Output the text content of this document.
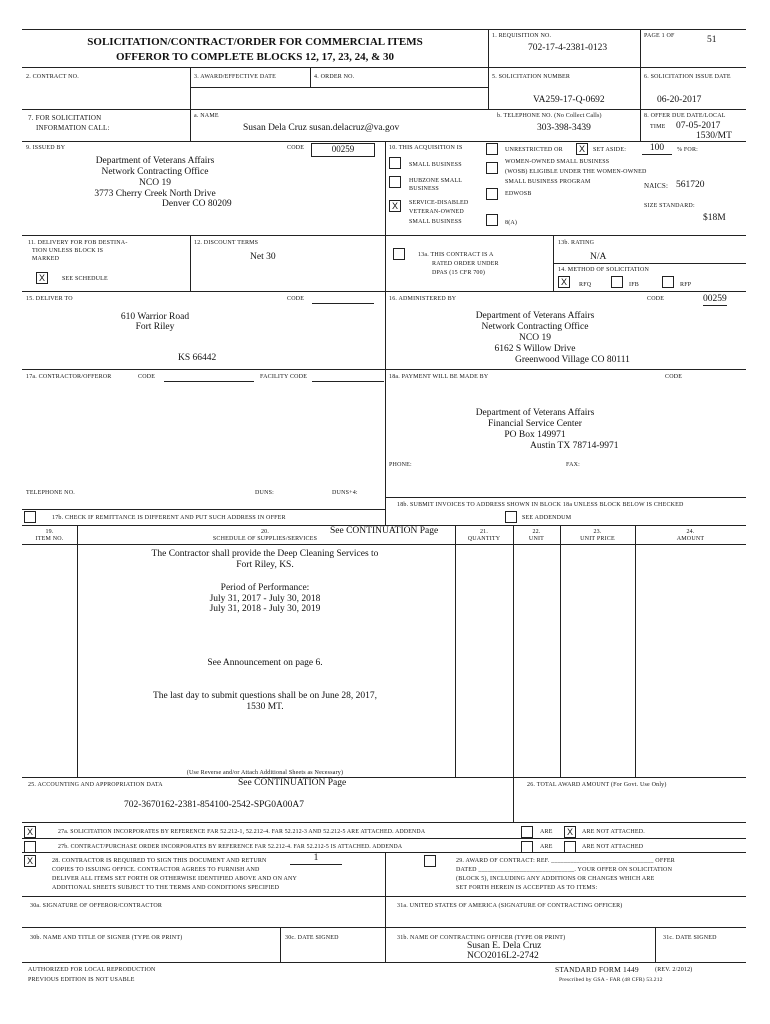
SOLICITATION/CONTRACT/ORDER FOR COMMERCIAL ITEMS
OFFEROR TO COMPLETE BLOCKS 12, 17, 23, 24, & 30
1. REQUISITION NO.
702-17-4-2381-0123
PAGE 1 OF	51
2. CONTRACT NO.	3. AWARD/EFFECTIVE DATE	4. ORDER NO.	5. SOLICITATION NUMBER
VA259-17-Q-0692
6. SOLICITATION ISSUE DATE
06-20-2017
7. FOR SOLICITATION
INFORMATION CALL:
a. NAME
Susan Dela Cruz susan.delacruz@va.gov
b. TELEPHONE NO. (No Collect Calls)
303-398-3439
8. OFFER DUE DATE/LOCAL
TIME 07-05-2017
1530/MT
9. ISSUED BY	CODE	00259
Department of Veterans Affairs
Network Contracting Office
NCO 19
3773 Cherry Creek North Drive
Denver CO 80209
10. THIS ACQUISITION IS	UNRESTRICTED OR	X	SET ASIDE:	100	% FOR:
SMALL BUSINESS
HUBZONE SMALL
BUSINESS
X	SERVICE-DISABLED
VETERAN-OWNED
SMALL BUSINESS
WOMEN-OWNED SMALL BUSINESS
(WOSB) ELIGIBLE UNDER THE WOMEN-OWNED
SMALL BUSINESS PROGRAM
EDWOSB
8(A)
NAICS: 561720
SIZE STANDARD:
$18M
11. DELIVERY FOR FOB DESTINA-
TION UNLESS BLOCK IS
MARKED
X	SEE SCHEDULE
12. DISCOUNT TERMS
Net 30	13a. THIS CONTRACT IS A
RATED ORDER UNDER
DPAS (15 CFR 700)
13b. RATING
N/A
14. METHOD OF SOLICITATION
X	RFQ	IFB	RFP
15. DELIVER TO	CODE
610 Warrior Road
Fort Riley
KS 66442
16. ADMINISTERED BY	CODE	00259
Department of Veterans Affairs
Network Contracting Office
NCO 19
6162 S Willow Drive
Greenwood Village CO 80111
17a. CONTRACTOR/OFFEROR	CODE	FACILITY CODE
TELEPHONE NO.	DUNS:	DUNS+4:
17b. CHECK IF REMITTANCE IS DIFFERENT AND PUT SUCH ADDRESS IN OFFER
18a. PAYMENT WILL BE MADE BY	CODE
Department of Veterans Affairs
Financial Service Center
PO Box 149971
Austin TX 78714-9971
PHONE:	FAX:
18b. SUBMIT INVOICES TO ADDRESS SHOWN IN BLOCK 18a UNLESS BLOCK BELOW IS CHECKED
SEE ADDENDUM
19.
ITEM NO.
20.
SCHEDULE OF SUPPLIES/SERVICES
See CONTINUATION Page	21.
QUANTITY
22.
UNIT
23.
UNIT PRICE
24.
AMOUNT
The Contractor shall provide the Deep Cleaning Services to
Fort Riley, KS.
Period of Performance:
July 31, 2017 - July 30, 2018
July 31, 2018 - July 30, 2019
See Announcement on page 6.
The last day to submit questions shall be on June 28, 2017,
1530 MT.
(Use Reverse and/or Attach Additional Sheets as Necessary)
25. ACCOUNTING AND APPROPRIATION DATA	See CONTINUATION Page
702-3670162-2381-854100-2542-SPG0A00A7
26. TOTAL AWARD AMOUNT (For Govt. Use Only)
X	27a. SOLICITATION INCORPORATES BY REFERENCE FAR 52.212-1, 52.212-4. FAR 52.212-3 AND 52.212-5 ARE ATTACHED. ADDENDA	ARE	X	ARE NOT ATTACHED.
27b. CONTRACT/PURCHASE ORDER INCORPORATES BY REFERENCE FAR 52.212-4. FAR 52.212-5 IS ATTACHED. ADDENDA	ARE	ARE NOT ATTACHED
X	28. CONTRACTOR IS REQUIRED TO SIGN THIS DOCUMENT AND RETURN	1
COPIES TO ISSUING OFFICE. CONTRACTOR AGREES TO FURNISH AND
DELIVER ALL ITEMS SET FORTH OR OTHERWISE IDENTIFIED ABOVE AND ON ANY
ADDITIONAL SHEETS SUBJECT TO THE TERMS AND CONDITIONS SPECIFIED
29. AWARD OF CONTRACT: REF. ________________________________ OFFER
DATED ______________________________. YOUR OFFER ON SOLICITATION
(BLOCK 5), INCLUDING ANY ADDITIONS OR CHANGES WHICH ARE
SET FORTH HEREIN IS ACCEPTED AS TO ITEMS:
30a. SIGNATURE OF OFFEROR/CONTRACTOR	31a. UNITED STATES OF AMERICA (SIGNATURE OF CONTRACTING OFFICER)
30b. NAME AND TITLE OF SIGNER (TYPE OR PRINT)	30c. DATE SIGNED	31b. NAME OF CONTRACTING OFFICER (TYPE OR PRINT)
Susan E. Dela Cruz
NCO2016L2-2742
31c. DATE SIGNED
AUTHORIZED FOR LOCAL REPRODUCTION
PREVIOUS EDITION IS NOT USABLE
STANDARD FORM 1449	(REV. 2/2012)
Prescribed by GSA - FAR (48 CFR) 53.212
